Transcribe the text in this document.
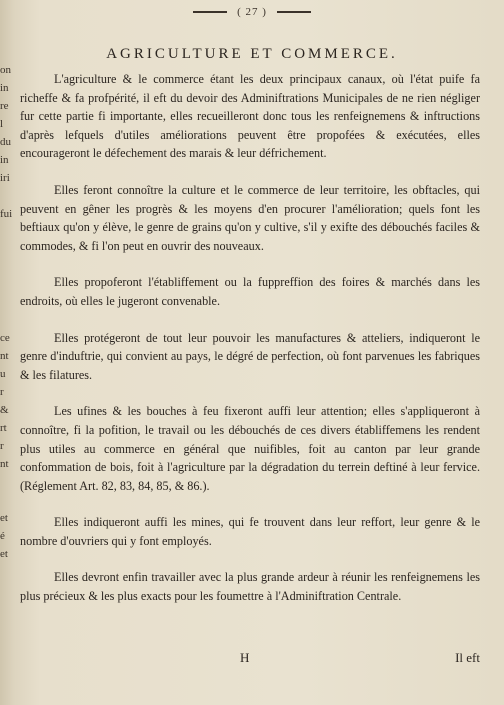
on
in
re
l
du
in
iri
fui
ce
nt
u
r
&
rt
r
nt
et
é
et
( 27 )
AGRICULTURE ET COMMERCE.

L'agriculture & le commerce étant les deux principaux canaux, où l'état puife fa richeffe & fa profpérité, il eft du devoir des Adminiftrations Municipales de ne rien négliger fur cette partie fi importante, elles recueilleront donc tous les renfeignemens & inftructions d'après lefquels d'utiles améliorations peuvent être propofées & exécutées, elles encourageront le défechement des marais & leur défrichement.

Elles feront connoître la culture et le commerce de leur territoire, les obftacles, qui peuvent en gêner les progrès & les moyens d'en procurer l'amélioration; quels font les beftiaux qu'on y élève, le genre de grains qu'on y cultive, s'il y exifte des débouchés faciles & commodes, & fi l'on peut en ouvrir des nouveaux.

Elles propoferont l'établiffement ou la fuppreffion des foires & marchés dans les endroits, où elles le jugeront convenable.

Elles protégeront de tout leur pouvoir les manufactures & atteliers, indiqueront le genre d'induftrie, qui convient au pays, le dégré de perfection, où font parvenues les fabriques & les filatures.

Les ufines & les bouches à feu fixeront auffi leur attention; elles s'appliqueront à connoître, fi la pofition, le travail ou les débouchés de ces divers établiffemens les rendent plus utiles au commerce en général que nuifibles, foit au canton par leur grande confommation de bois, foit à l'agriculture par la dégradation du terrein deftiné à leur fervice. (Réglement Art. 82, 83, 84, 85, & 86.).

Elles indiqueront auffi les mines, qui fe trouvent dans leur reffort, leur genre & le nombre d'ouvriers qui y font employés.

Elles devront enfin travailler avec la plus grande ardeur à réunir les renfeignemens les plus précieux & les plus exacts pour les foumettre à l'Adminiftration Centrale.

H	Il eft
